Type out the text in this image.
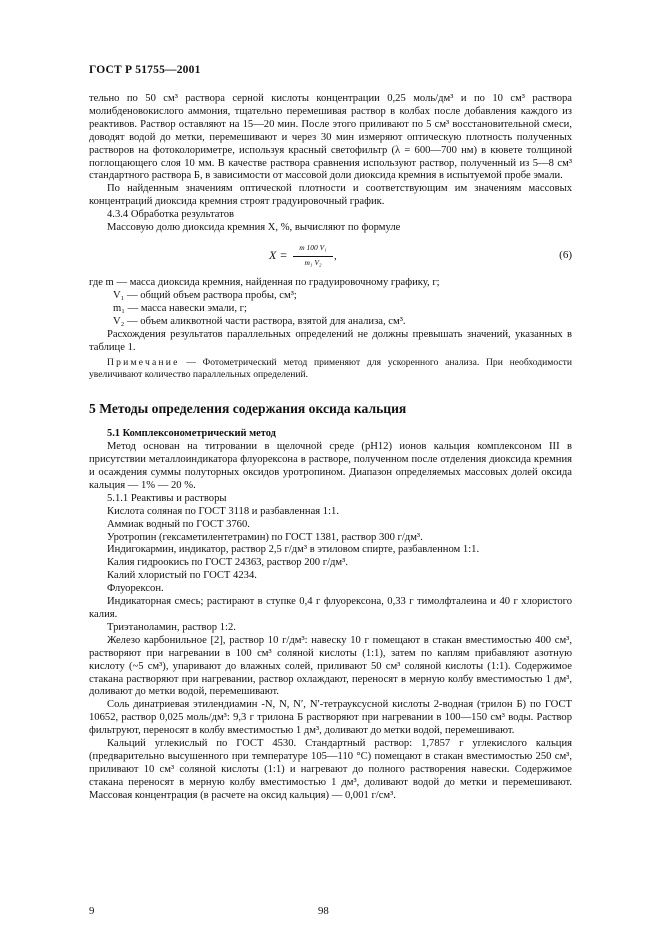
ГОСТ Р 51755—2001

тельно по 50 см³ раствора серной кислоты концентрации 0,25 моль/дм³ и по 10 см³ раствора молибденовокислого аммония, тщательно перемешивая раствор в колбах после добавления каждого из реактивов. Раствор оставляют на 15—20 мин. После этого приливают по 5 см³ восстановительной смеси, доводят водой до метки, перемешивают и через 30 мин измеряют оптическую плотность полученных растворов на фотоколориметре, используя красный светофильтр (λ = 600—700 нм) в кювете толщиной поглощающего слоя 10 мм. В качестве раствора сравнения используют раствор, полученный из 5—8 см³ стандартного раствора Б, в зависимости от массовой доли диоксида кремния в испытуемой пробе эмали.

По найденным значениям оптической плотности и соответствующим им значениям массовых концентраций диоксида кремния строят градуировочный график.

4.3.4 Обработка результатов

Массовую долю диоксида кремния X, %, вычисляют по формуле

$X = \frac{\text{m 100 V₁}}{\text{m₁ V₂}}$ ,	(6)
где m — масса диоксида кремния, найденная по градуировочному графику, г;
V₁ — общий объем раствора пробы, см³;
m₁ — масса навески эмали, г;
V₂ — объем аликвотной части раствора, взятой для анализа, см³.

Расхождения результатов параллельных определений не должны превышать значений, указанных в таблице 1.

Примечание — Фотометрический метод применяют для ускоренного анализа. При необходимости увеличивают количество параллельных определений.

5 Методы определения содержания оксида кальция
5.1 Комплексонометрический метод

Метод основан на титровании в щелочной среде (pH12) ионов кальция комплексоном III в присутствии металлоиндикатора флуорексона в растворе, полученном после отделения диоксида кремния и осаждения суммы полуторных оксидов уротропином. Диапазон определяемых массовых долей оксида кальция — 1% — 20 %.

5.1.1 Реактивы и растворы

Кислота соляная по ГОСТ 3118 и разбавленная 1:1.

Аммиак водный по ГОСТ 3760.

Уротропин (гексаметилентетрамин) по ГОСТ 1381, раствор 300 г/дм³.

Индигокармин, индикатор, раствор 2,5 г/дм³ в этиловом спирте, разбавленном 1:1.

Калия гидроокись по ГОСТ 24363, раствор 200 г/дм³.

Калий хлористый по ГОСТ 4234.

Флуорексон.

Индикаторная смесь; растирают в ступке 0,4 г флуорексона, 0,33 г тимолфталеина и 40 г хлористого калия.

Триэтаноламин, раствор 1:2.

Железо карбонильное [2], раствор 10 г/дм³: навеску 10 г помещают в стакан вместимостью 400 см³, растворяют при нагревании в 100 см³ соляной кислоты (1:1), затем по каплям прибавляют азотную кислоту (~5 см³), упаривают до влажных солей, приливают 50 см³ соляной кислоты (1:1). Содержимое стакана растворяют при нагревании, раствор охлаждают, переносят в мерную колбу вместимостью 1 дм³, доливают до метки водой, перемешивают.

Соль динатриевая этилендиамин -N, N, N′, N′-тетрауксусной кислоты 2-водная (трилон Б) по ГОСТ 10652, раствор 0,025 моль/дм³: 9,3 г трилона Б растворяют при нагревании в 100—150 см³ воды. Раствор фильтруют, переносят в колбу вместимостью 1 дм³, доливают до метки водой, перемешивают.

Кальций углекислый по ГОСТ 4530. Стандартный раствор: 1,7857 г углекислого кальция (предварительно высушенного при температуре 105—110 °С) помещают в стакан вместимостью 250 см³, приливают 10 см³ соляной кислоты (1:1) и нагревают до полного растворения навески. Содержимое стакана переносят в мерную колбу вместимостью 1 дм³, доливают водой до метки и перемешивают. Массовая концентрация (в расчете на оксид кальция) — 0,001 г/см³.

9	98
